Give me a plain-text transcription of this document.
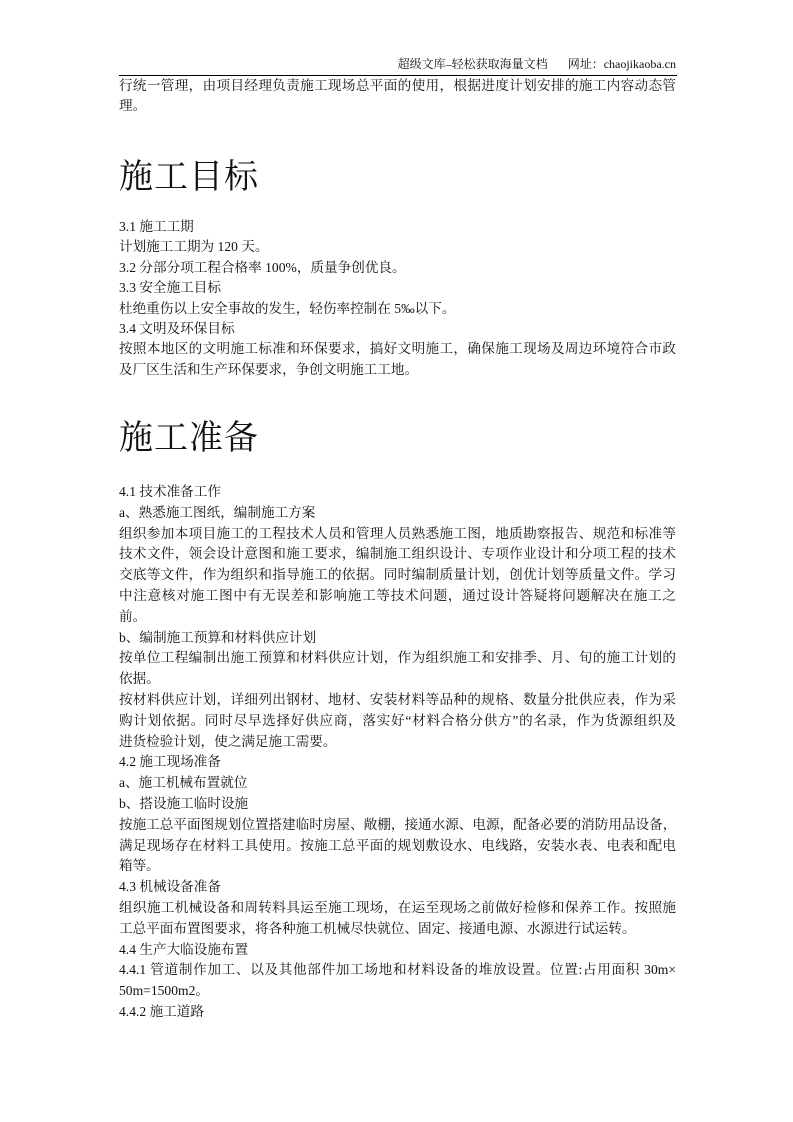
超级文库–轻松获取海量文档 网址：chaojikaoba.cn
行统一管理，由项目经理负责施工现场总平面的使用，根据进度计划安排的施工内容动态管
理。
施工目标
3.1 施工工期
计划施工工期为 120 天。
3.2 分部分项工程合格率 100%，质量争创优良。
3.3 安全施工目标
杜绝重伤以上安全事故的发生，轻伤率控制在 5‰以下。
3.4 文明及环保目标
按照本地区的文明施工标准和环保要求，搞好文明施工，确保施工现场及周边环境符合市政
及厂区生活和生产环保要求，争创文明施工工地。
施工准备
4.1 技术准备工作
a、熟悉施工图纸，编制施工方案
组织参加本项目施工的工程技术人员和管理人员熟悉施工图，地质勘察报告、规范和标准等
技术文件，领会设计意图和施工要求，编制施工组织设计、专项作业设计和分项工程的技术
交底等文件，作为组织和指导施工的依据。同时编制质量计划，创优计划等质量文件。学习
中注意核对施工图中有无误差和影响施工等技术问题，通过设计答疑将问题解决在施工之
前。
b、编制施工预算和材料供应计划
按单位工程编制出施工预算和材料供应计划，作为组织施工和安排季、月、旬的施工计划的
依据。
按材料供应计划，详细列出钢材、地材、安装材料等品种的规格、数量分批供应表，作为采
购计划依据。同时尽早选择好供应商，落实好“材料合格分供方”的名录，作为货源组织及
进货检验计划，使之满足施工需要。
4.2 施工现场准备
a、施工机械布置就位
b、搭设施工临时设施
按施工总平面图规划位置搭建临时房屋、敞棚，接通水源、电源，配备必要的消防用品设备，
满足现场存在材料工具使用。按施工总平面的规划敷设水、电线路，安装水表、电表和配电
箱等。
4.3 机械设备准备
组织施工机械设备和周转料具运至施工现场，在运至现场之前做好检修和保养工作。按照施
工总平面布置图要求，将各种施工机械尽快就位、固定、接通电源、水源进行试运转。
4.4 生产大临设施布置
4.4.1 管道制作加工、以及其他部件加工场地和材料设备的堆放设置。位置:占用面积 30m×
50m=1500m2。
4.4.2 施工道路
